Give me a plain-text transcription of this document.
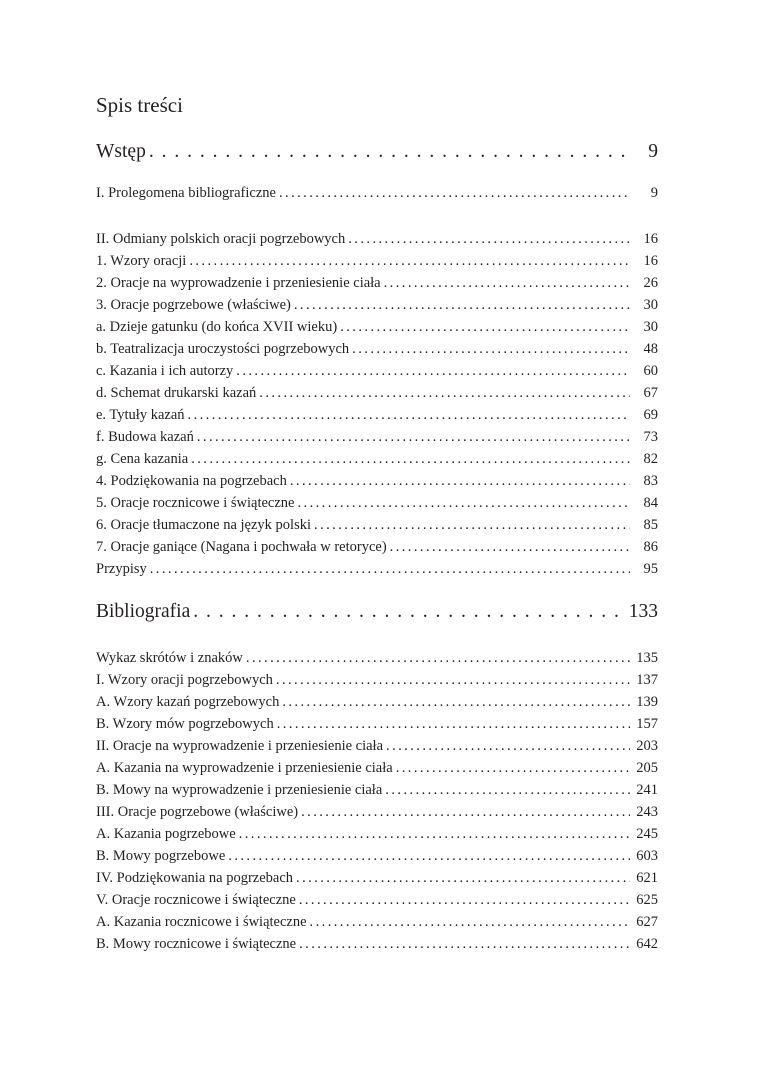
Spis treści
Wstęp . . .	9
I. Prolegomena bibliograficzne . . .	9
II. Odmiany polskich oracji pogrzebowych . . .	16
1. Wzory oracji . . .	16
2. Oracje na wyprowadzenie i przeniesienie ciała . . .	26
3. Oracje pogrzebowe (właściwe) . . .	30
a. Dzieje gatunku (do końca XVII wieku) . . .	30
b. Teatralizacja uroczystości pogrzebowych . . .	48
c. Kazania i ich autorzy . . .	60
d. Schemat drukarski kazań . . .	67
e. Tytuły kazań . . .	69
f. Budowa kazań . . .	73
g. Cena kazania . . .	82
4. Podziękowania na pogrzebach . . .	83
5. Oracje rocznicowe i świąteczne . . .	84
6. Oracje tłumaczone na język polski . . .	85
7. Oracje ganiące (Nagana i pochwała w retoryce) . . .	86
Przypisy . . .	95
Bibliografia . . .	133
Wykaz skrótów i znaków . . .	135
I. Wzory oracji pogrzebowych . . .	137
A. Wzory kazań pogrzebowych . . .	139
B. Wzory mów pogrzebowych . . .	157
II. Oracje na wyprowadzenie i przeniesienie ciała . . .	203
A. Kazania na wyprowadzenie i przeniesienie ciała . . .	205
B. Mowy na wyprowadzenie i przeniesienie ciała . . .	241
III. Oracje pogrzebowe (właściwe) . . .	243
A. Kazania pogrzebowe . . .	245
B. Mowy pogrzebowe . . .	603
IV. Podziękowania na pogrzebach . . .	621
V. Oracje rocznicowe i świąteczne . . .	625
A. Kazania rocznicowe i świąteczne . . .	627
B. Mowy rocznicowe i świąteczne . . .	642
